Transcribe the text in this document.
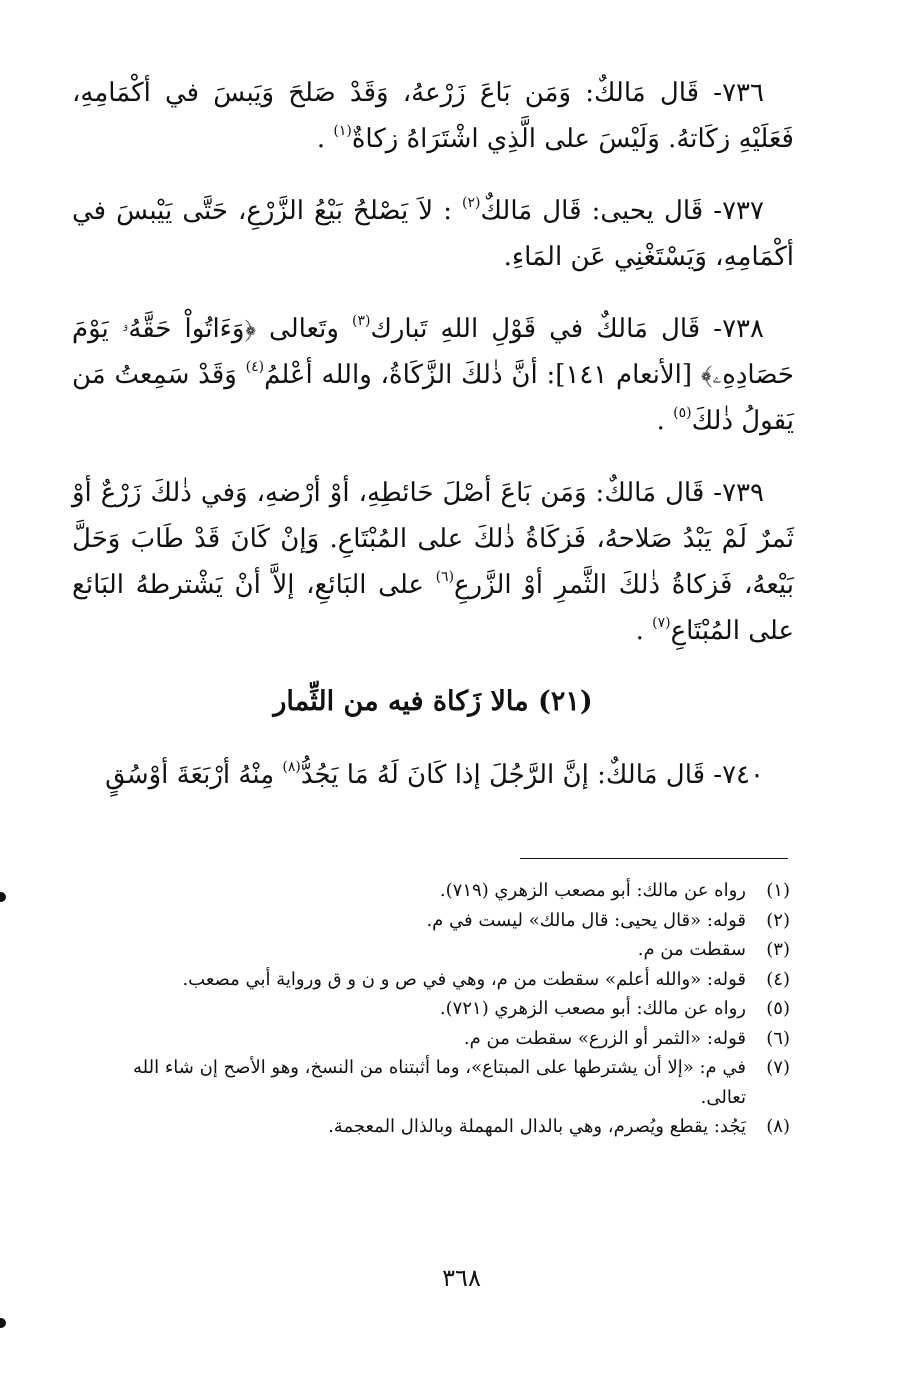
٧٣٦- قَال مَالكٌ: وَمَن بَاعَ زَرْعهُ، وَقَدْ صَلحَ وَيَبسَ في أكْمَامِهِ، فَعَلَيْهِ زكَاتهُ. وَلَيْسَ على الَّذِي اشْتَرَاهُ زكاةٌ$^{(١)}$ .

٧٣٧- قَال يحيى: قَال مَالكٌ$^{(٢)}$ : لاَ يَصْلحُ بَيْعُ الزَّرْعِ، حَتَّى يَيْبسَ في أكْمَامِهِ، وَيَسْتَغْنِي عَن المَاءِ.

٧٣٨- قَال مَالكٌ في قَوْلِ اللهِ تَبارك$^{(٣)}$ وتَعالى ﴿وَءَاتُواْ حَقَّهُۥ يَوْمَ حَصَادِهِۦ﴾ [الأنعام ١٤١]: أنَّ ذٰلكَ الزَّكَاةُ، والله أعْلمُ$^{(٤)}$ وَقَدْ سَمِعتُ مَن يَقولُ ذٰلكَ$^{(٥)}$ .

٧٣٩- قَال مَالكٌ: وَمَن بَاعَ أصْلَ حَائطِهِ، أوْ أرْضهِ، وَفي ذٰلكَ زَرْعٌ أوْ ثَمرٌ لَمْ يَبْدُ صَلاحهُ، فَزكَاةُ ذٰلكَ على المُبْتَاعِ. وَإنْ كَانَ قَدْ طَابَ وَحَلَّ بَيْعهُ، فَزكاةُ ذٰلكَ الثَّمرِ أوْ الزَّرعِ$^{(٦)}$ على البَائعِ، إلاَّ أنْ يَشْترطهُ البَائع على المُبْتَاعِ$^{(٧)}$ .

(٢١) مالا زَكاة فيه من الثِّمار

٧٤٠- قَال مَالكٌ: إنَّ الرَّجُلَ إذا كَانَ لَهُ مَا يَجُدُّ$^{(٨)}$ مِنْهُ أرْبَعَةَ أوْسُقٍ

(١)
رواه عن مالك: أبو مصعب الزهري (٧١٩).
(٢)
قوله: «قال يحيى: قال مالك» ليست في م.
(٣)
سقطت من م.
(٤)
قوله: «والله أعلم» سقطت من م، وهي في ص و ن و ق ورواية أبي مصعب.
(٥)
رواه عن مالك: أبو مصعب الزهري (٧٢١).
(٦)
قوله: «الثمر أو الزرع» سقطت من م.
(٧)
في م: «إلا أن يشترطها على المبتاع»، وما أثبتناه من النسخ، وهو الأصح إن شاء الله تعالى.
(٨)
يَجُد: يقطع ويُصرم، وهي بالدال المهملة وبالذال المعجمة.
٣٦٨
